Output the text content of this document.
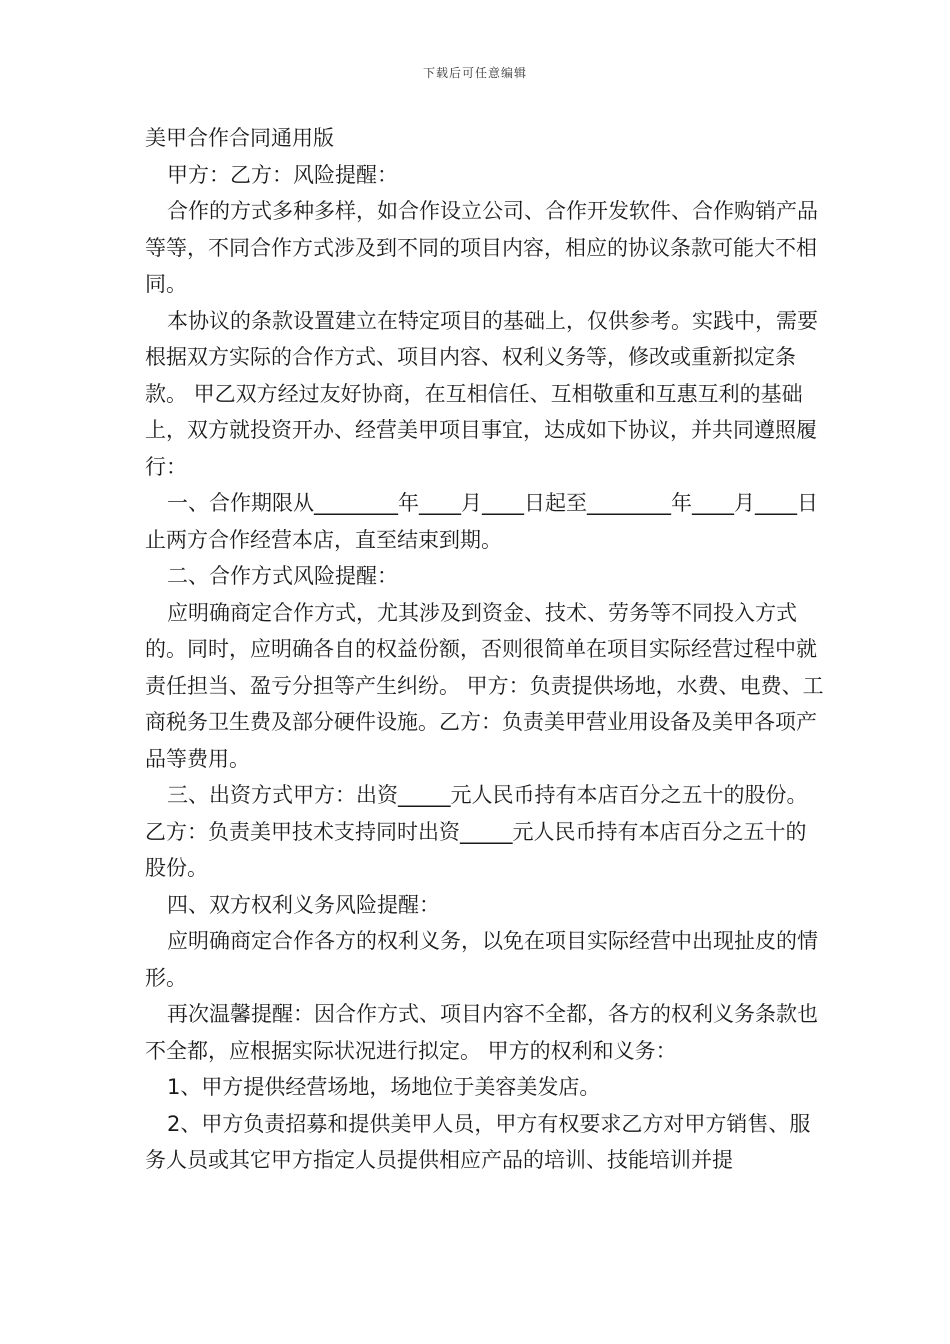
下载后可任意编辑
美甲合作合同通用版

甲方：乙方：风险提醒：

合作的方式多种多样，如合作设立公司、合作开发软件、合作购销产品等等，不同合作方式涉及到不同的项目内容，相应的协议条款可能大不相同。

本协议的条款设置建立在特定项目的基础上，仅供参考。实践中，需要根据双方实际的合作方式、项目内容、权利义务等，修改或重新拟定条款。 甲乙双方经过友好协商，在互相信任、互相敬重和互惠互利的基础上，双方就投资开办、经营美甲项目事宜，达成如下协议，并共同遵照履行：

一、合作期限从________年____月____日起至________年____月____日止两方合作经营本店，直至结束到期。

二、合作方式风险提醒：

应明确商定合作方式，尤其涉及到资金、技术、劳务等不同投入方式的。同时，应明确各自的权益份额，否则很简单在项目实际经营过程中就责任担当、盈亏分担等产生纠纷。 甲方：负责提供场地，水费、电费、工商税务卫生费及部分硬件设施。乙方：负责美甲营业用设备及美甲各项产品等费用。

三、出资方式甲方：出资_____元人民币持有本店百分之五十的股份。乙方：负责美甲技术支持同时出资_____元人民币持有本店百分之五十的股份。

四、双方权利义务风险提醒：

应明确商定合作各方的权利义务，以免在项目实际经营中出现扯皮的情形。

再次温馨提醒：因合作方式、项目内容不全都，各方的权利义务条款也不全都，应根据实际状况进行拟定。 甲方的权利和义务：

1、甲方提供经营场地，场地位于美容美发店。

2、甲方负责招募和提供美甲人员，甲方有权要求乙方对甲方销售、服务人员或其它甲方指定人员提供相应产品的培训、技能培训并提
